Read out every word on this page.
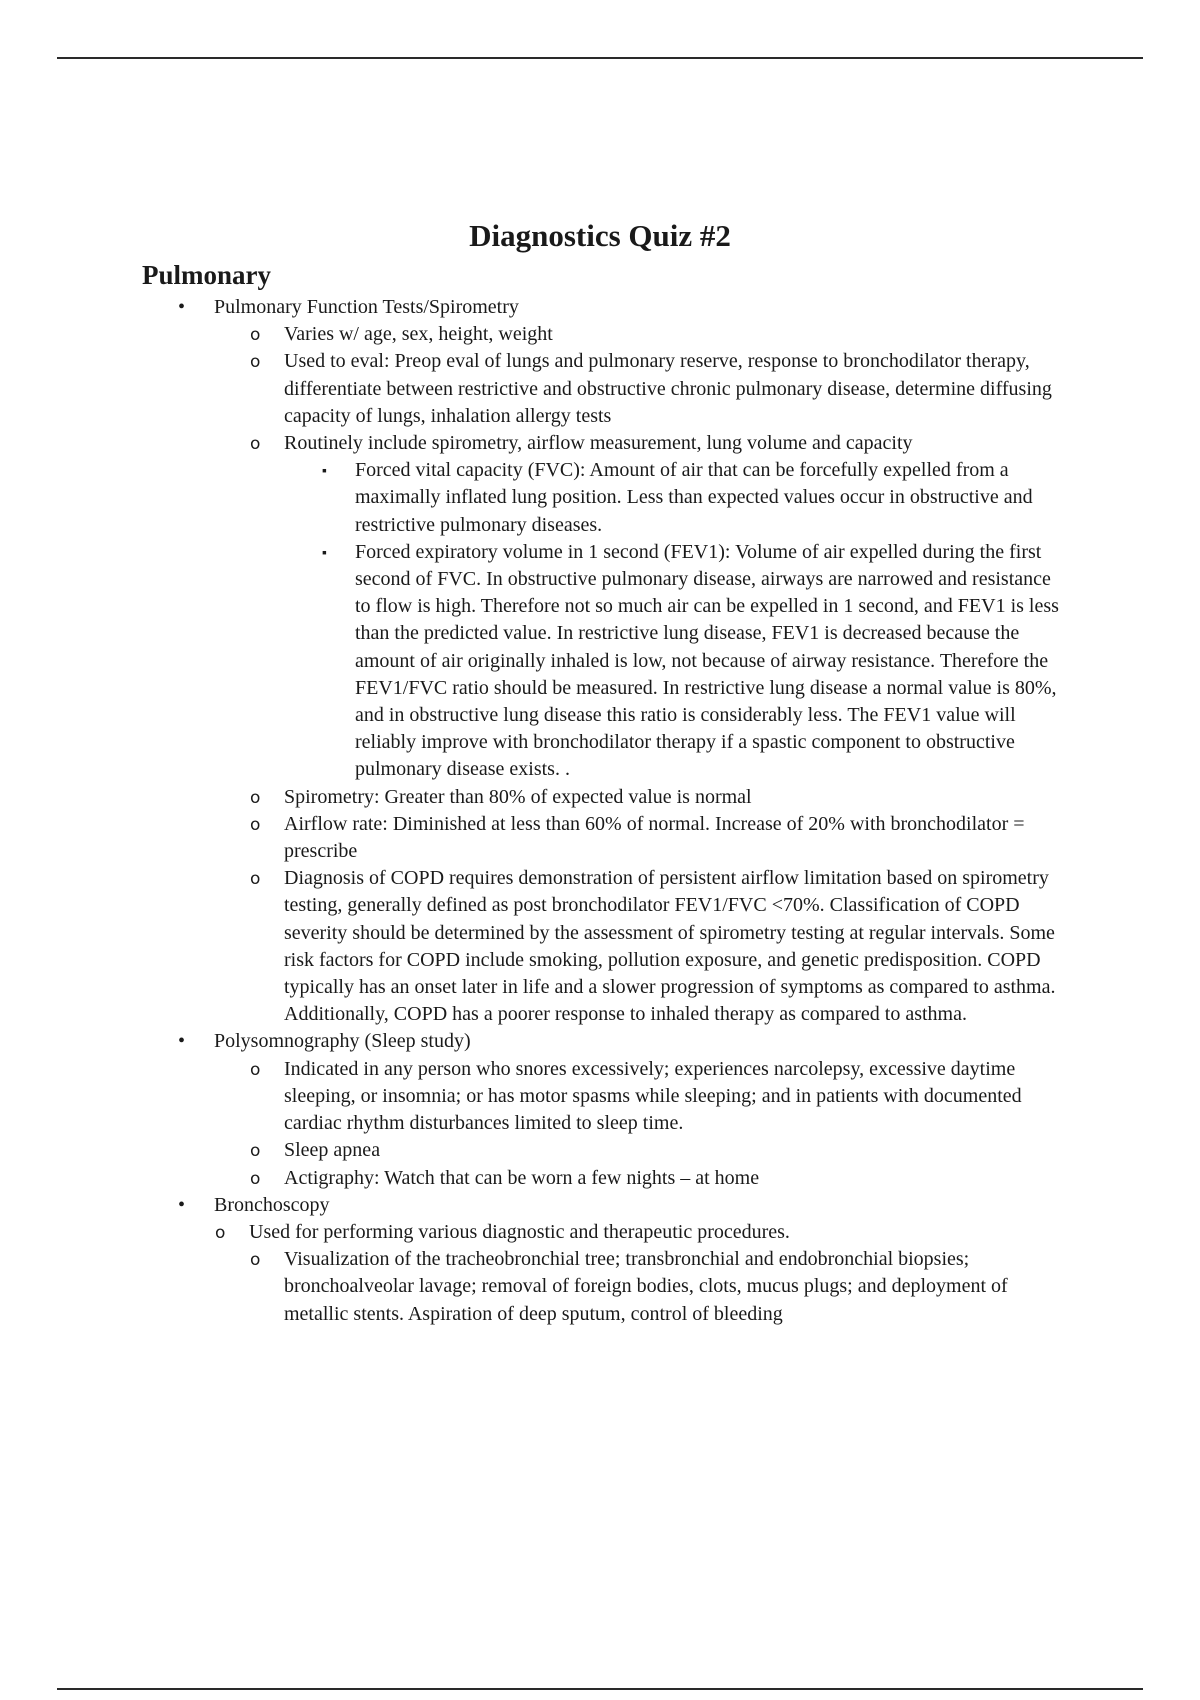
Diagnostics Quiz #2
Pulmonary

• Pulmonary Function Tests/Spirometry

o Varies w/ age, sex, height, weight

o Used to eval: Preop eval of lungs and pulmonary reserve, response to bronchodilator therapy, differentiate between restrictive and obstructive chronic pulmonary disease, determine diffusing capacity of lungs, inhalation allergy tests

o Routinely include spirometry, airflow measurement, lung volume and capacity

▪ Forced vital capacity (FVC): Amount of air that can be forcefully expelled from a maximally inflated lung position. Less than expected values occur in obstructive and restrictive pulmonary diseases.

▪ Forced expiratory volume in 1 second (FEV1): Volume of air expelled during the first second of FVC. In obstructive pulmonary disease, airways are narrowed and resistance to flow is high. Therefore not so much air can be expelled in 1 second, and FEV1 is less than the predicted value. In restrictive lung disease, FEV1 is decreased because the amount of air originally inhaled is low, not because of airway resistance. Therefore the FEV1/FVC ratio should be measured. In restrictive lung disease a normal value is 80%, and in obstructive lung disease this ratio is considerably less. The FEV1 value will reliably improve with bronchodilator therapy if a spastic component to obstructive pulmonary disease exists. .

o Spirometry: Greater than 80% of expected value is normal

o Airflow rate: Diminished at less than 60% of normal. Increase of 20% with bronchodilator = prescribe

o Diagnosis of COPD requires demonstration of persistent airflow limitation based on spirometry testing, generally defined as post bronchodilator FEV1/FVC <70%. Classification of COPD severity should be determined by the assessment of spirometry testing at regular intervals. Some risk factors for COPD include smoking, pollution exposure, and genetic predisposition. COPD typically has an onset later in life and a slower progression of symptoms as compared to asthma. Additionally, COPD has a poorer response to inhaled therapy as compared to asthma.

• Polysomnography (Sleep study)

o Indicated in any person who snores excessively; experiences narcolepsy, excessive daytime sleeping, or insomnia; or has motor spasms while sleeping; and in patients with documented cardiac rhythm disturbances limited to sleep time.

o Sleep apnea

o Actigraphy: Watch that can be worn a few nights – at home

• Bronchoscopy

o Used for performing various diagnostic and therapeutic procedures.

o Visualization of the tracheobronchial tree; transbronchial and endobronchial biopsies; bronchoalveolar lavage; removal of foreign bodies, clots, mucus plugs; and deployment of metallic stents. Aspiration of deep sputum, control of bleeding
